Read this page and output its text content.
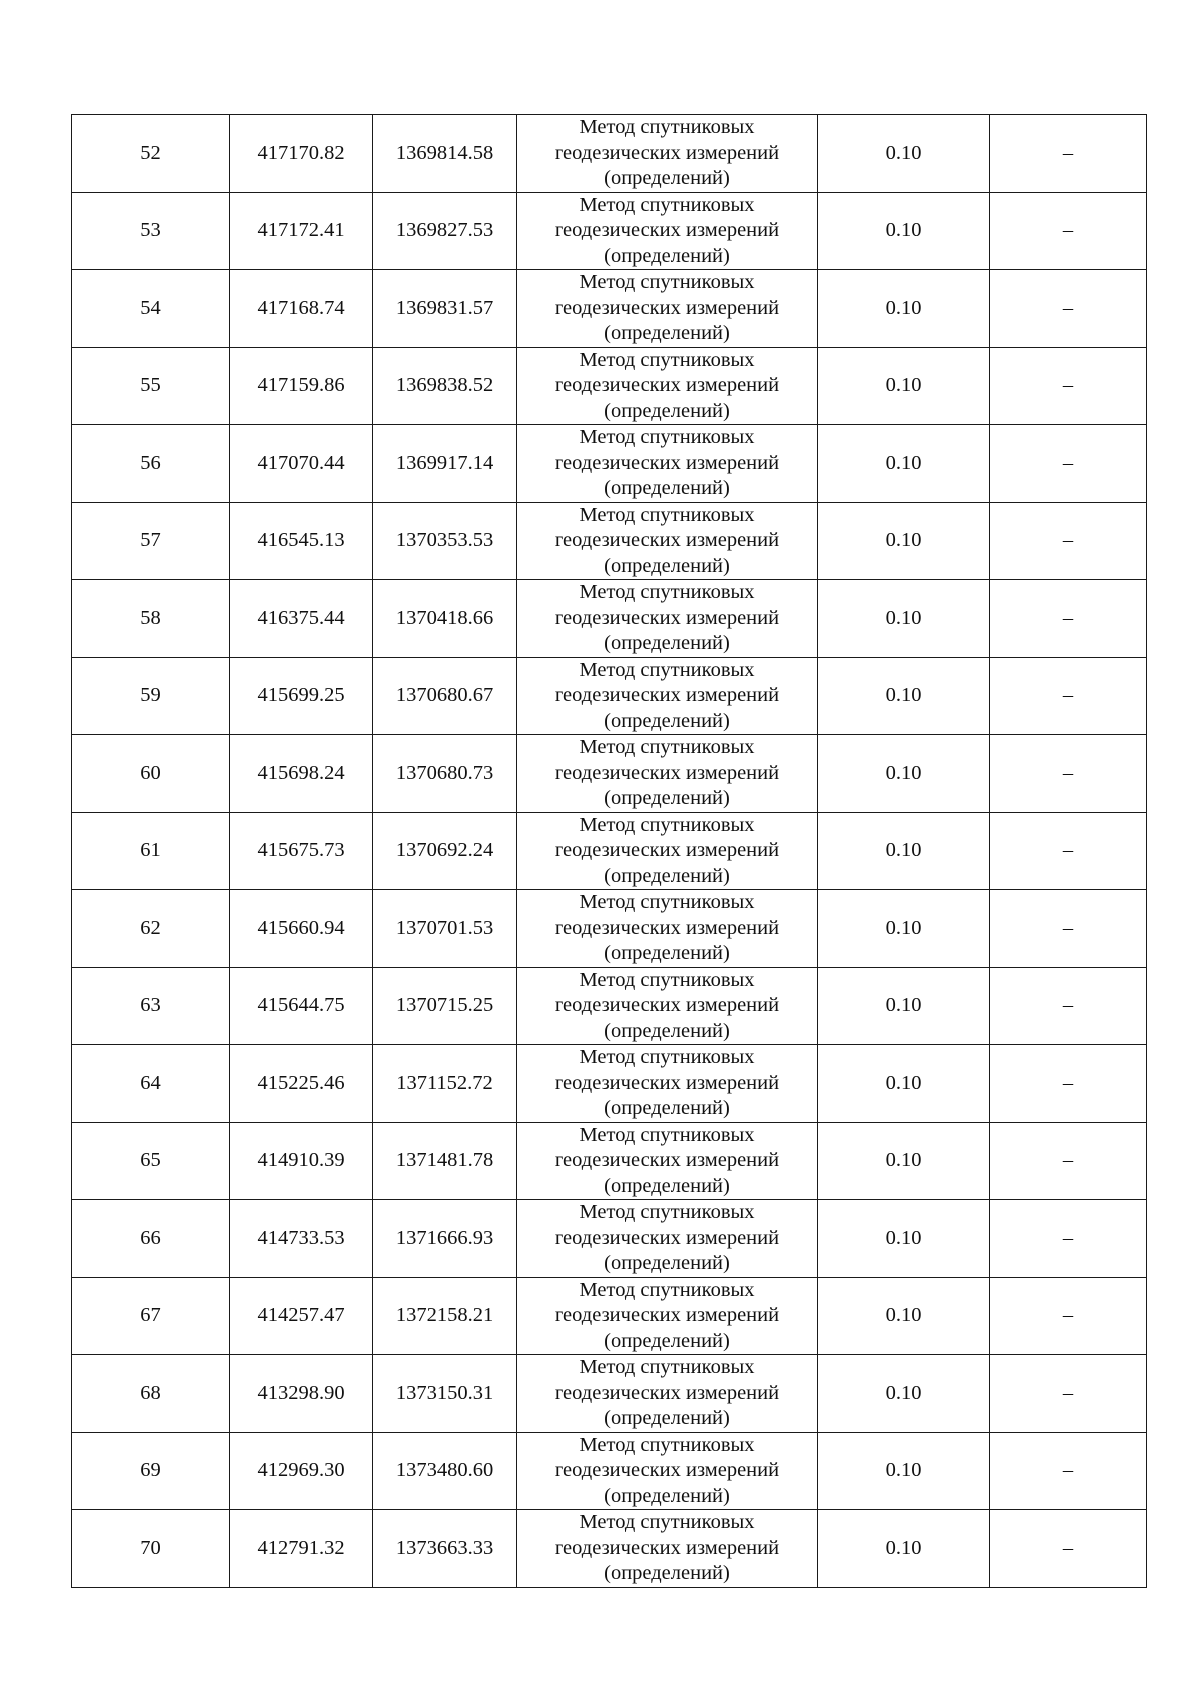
52	417170.82	1369814.58	Метод спутниковых
геодезических измерений
(определений)	0.10	–
53	417172.41	1369827.53	Метод спутниковых
геодезических измерений
(определений)	0.10	–
54	417168.74	1369831.57	Метод спутниковых
геодезических измерений
(определений)	0.10	–
55	417159.86	1369838.52	Метод спутниковых
геодезических измерений
(определений)	0.10	–
56	417070.44	1369917.14	Метод спутниковых
геодезических измерений
(определений)	0.10	–
57	416545.13	1370353.53	Метод спутниковых
геодезических измерений
(определений)	0.10	–
58	416375.44	1370418.66	Метод спутниковых
геодезических измерений
(определений)	0.10	–
59	415699.25	1370680.67	Метод спутниковых
геодезических измерений
(определений)	0.10	–
60	415698.24	1370680.73	Метод спутниковых
геодезических измерений
(определений)	0.10	–
61	415675.73	1370692.24	Метод спутниковых
геодезических измерений
(определений)	0.10	–
62	415660.94	1370701.53	Метод спутниковых
геодезических измерений
(определений)	0.10	–
63	415644.75	1370715.25	Метод спутниковых
геодезических измерений
(определений)	0.10	–
64	415225.46	1371152.72	Метод спутниковых
геодезических измерений
(определений)	0.10	–
65	414910.39	1371481.78	Метод спутниковых
геодезических измерений
(определений)	0.10	–
66	414733.53	1371666.93	Метод спутниковых
геодезических измерений
(определений)	0.10	–
67	414257.47	1372158.21	Метод спутниковых
геодезических измерений
(определений)	0.10	–
68	413298.90	1373150.31	Метод спутниковых
геодезических измерений
(определений)	0.10	–
69	412969.30	1373480.60	Метод спутниковых
геодезических измерений
(определений)	0.10	–
70	412791.32	1373663.33	Метод спутниковых
геодезических измерений
(определений)	0.10	–
